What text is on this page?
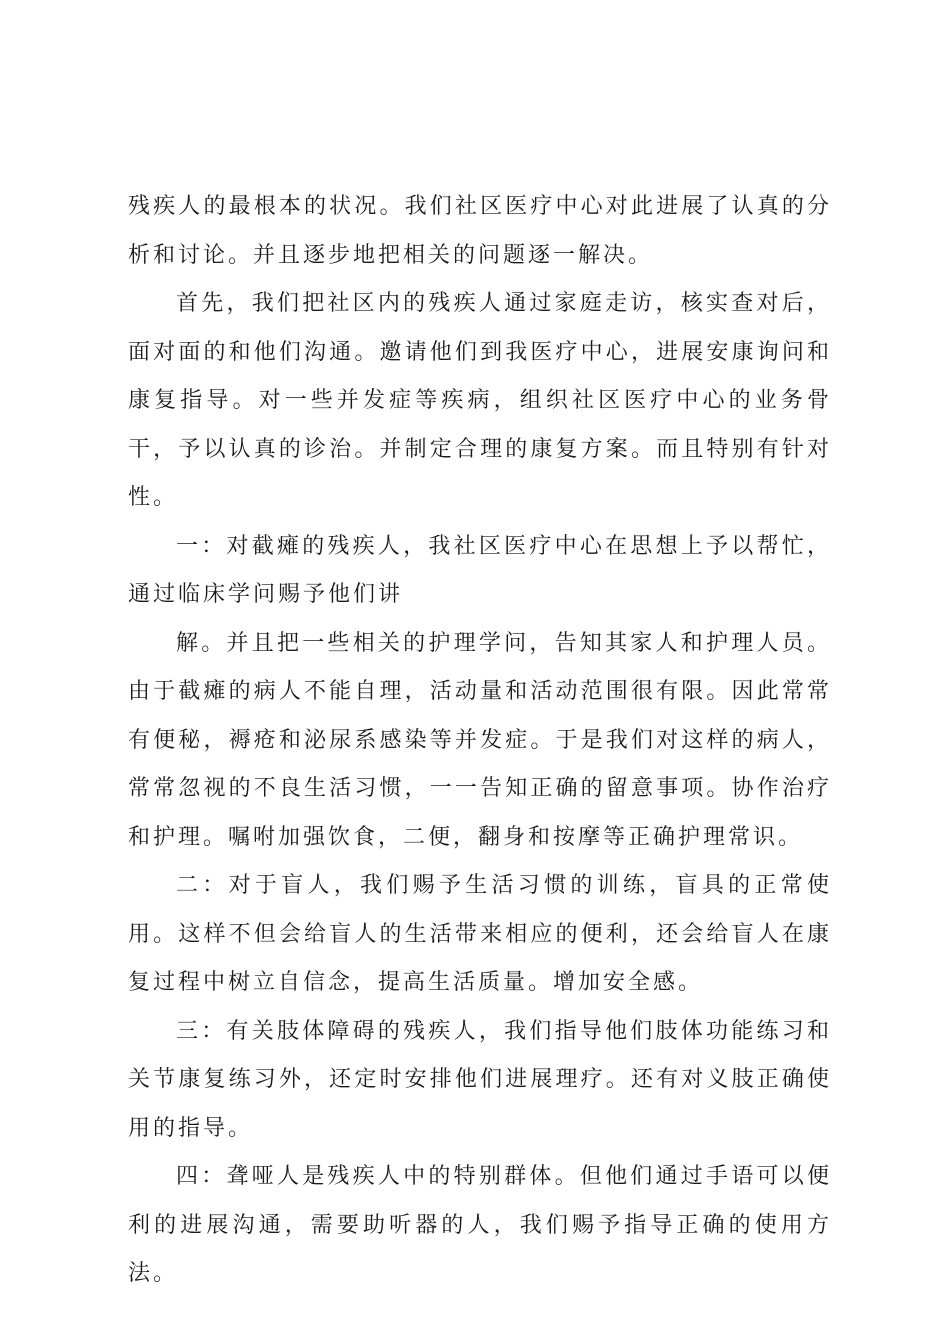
残疾人的最根本的状况。我们社区医疗中心对此进展了认真的分析和讨论。并且逐步地把相关的问题逐一解决。

首先，我们把社区内的残疾人通过家庭走访，核实查对后，面对面的和他们沟通。邀请他们到我医疗中心，进展安康询问和康复指导。对一些并发症等疾病，组织社区医疗中心的业务骨干，予以认真的诊治。并制定合理的康复方案。而且特别有针对性。

一：对截瘫的残疾人，我社区医疗中心在思想上予以帮忙，通过临床学问赐予他们讲

解。并且把一些相关的护理学问，告知其家人和护理人员。由于截瘫的病人不能自理，活动量和活动范围很有限。因此常常有便秘，褥疮和泌尿系感染等并发症。于是我们对这样的病人，常常忽视的不良生活习惯，一一告知正确的留意事项。协作治疗和护理。嘱咐加强饮食，二便，翻身和按摩等正确护理常识。

二：对于盲人，我们赐予生活习惯的训练，盲具的正常使用。这样不但会给盲人的生活带来相应的便利，还会给盲人在康复过程中树立自信念，提高生活质量。增加安全感。

三：有关肢体障碍的残疾人，我们指导他们肢体功能练习和关节康复练习外，还定时安排他们进展理疗。还有对义肢正确使用的指导。

四：聋哑人是残疾人中的特别群体。但他们通过手语可以便利的进展沟通，需要助听器的人，我们赐予指导正确的使用方法。
